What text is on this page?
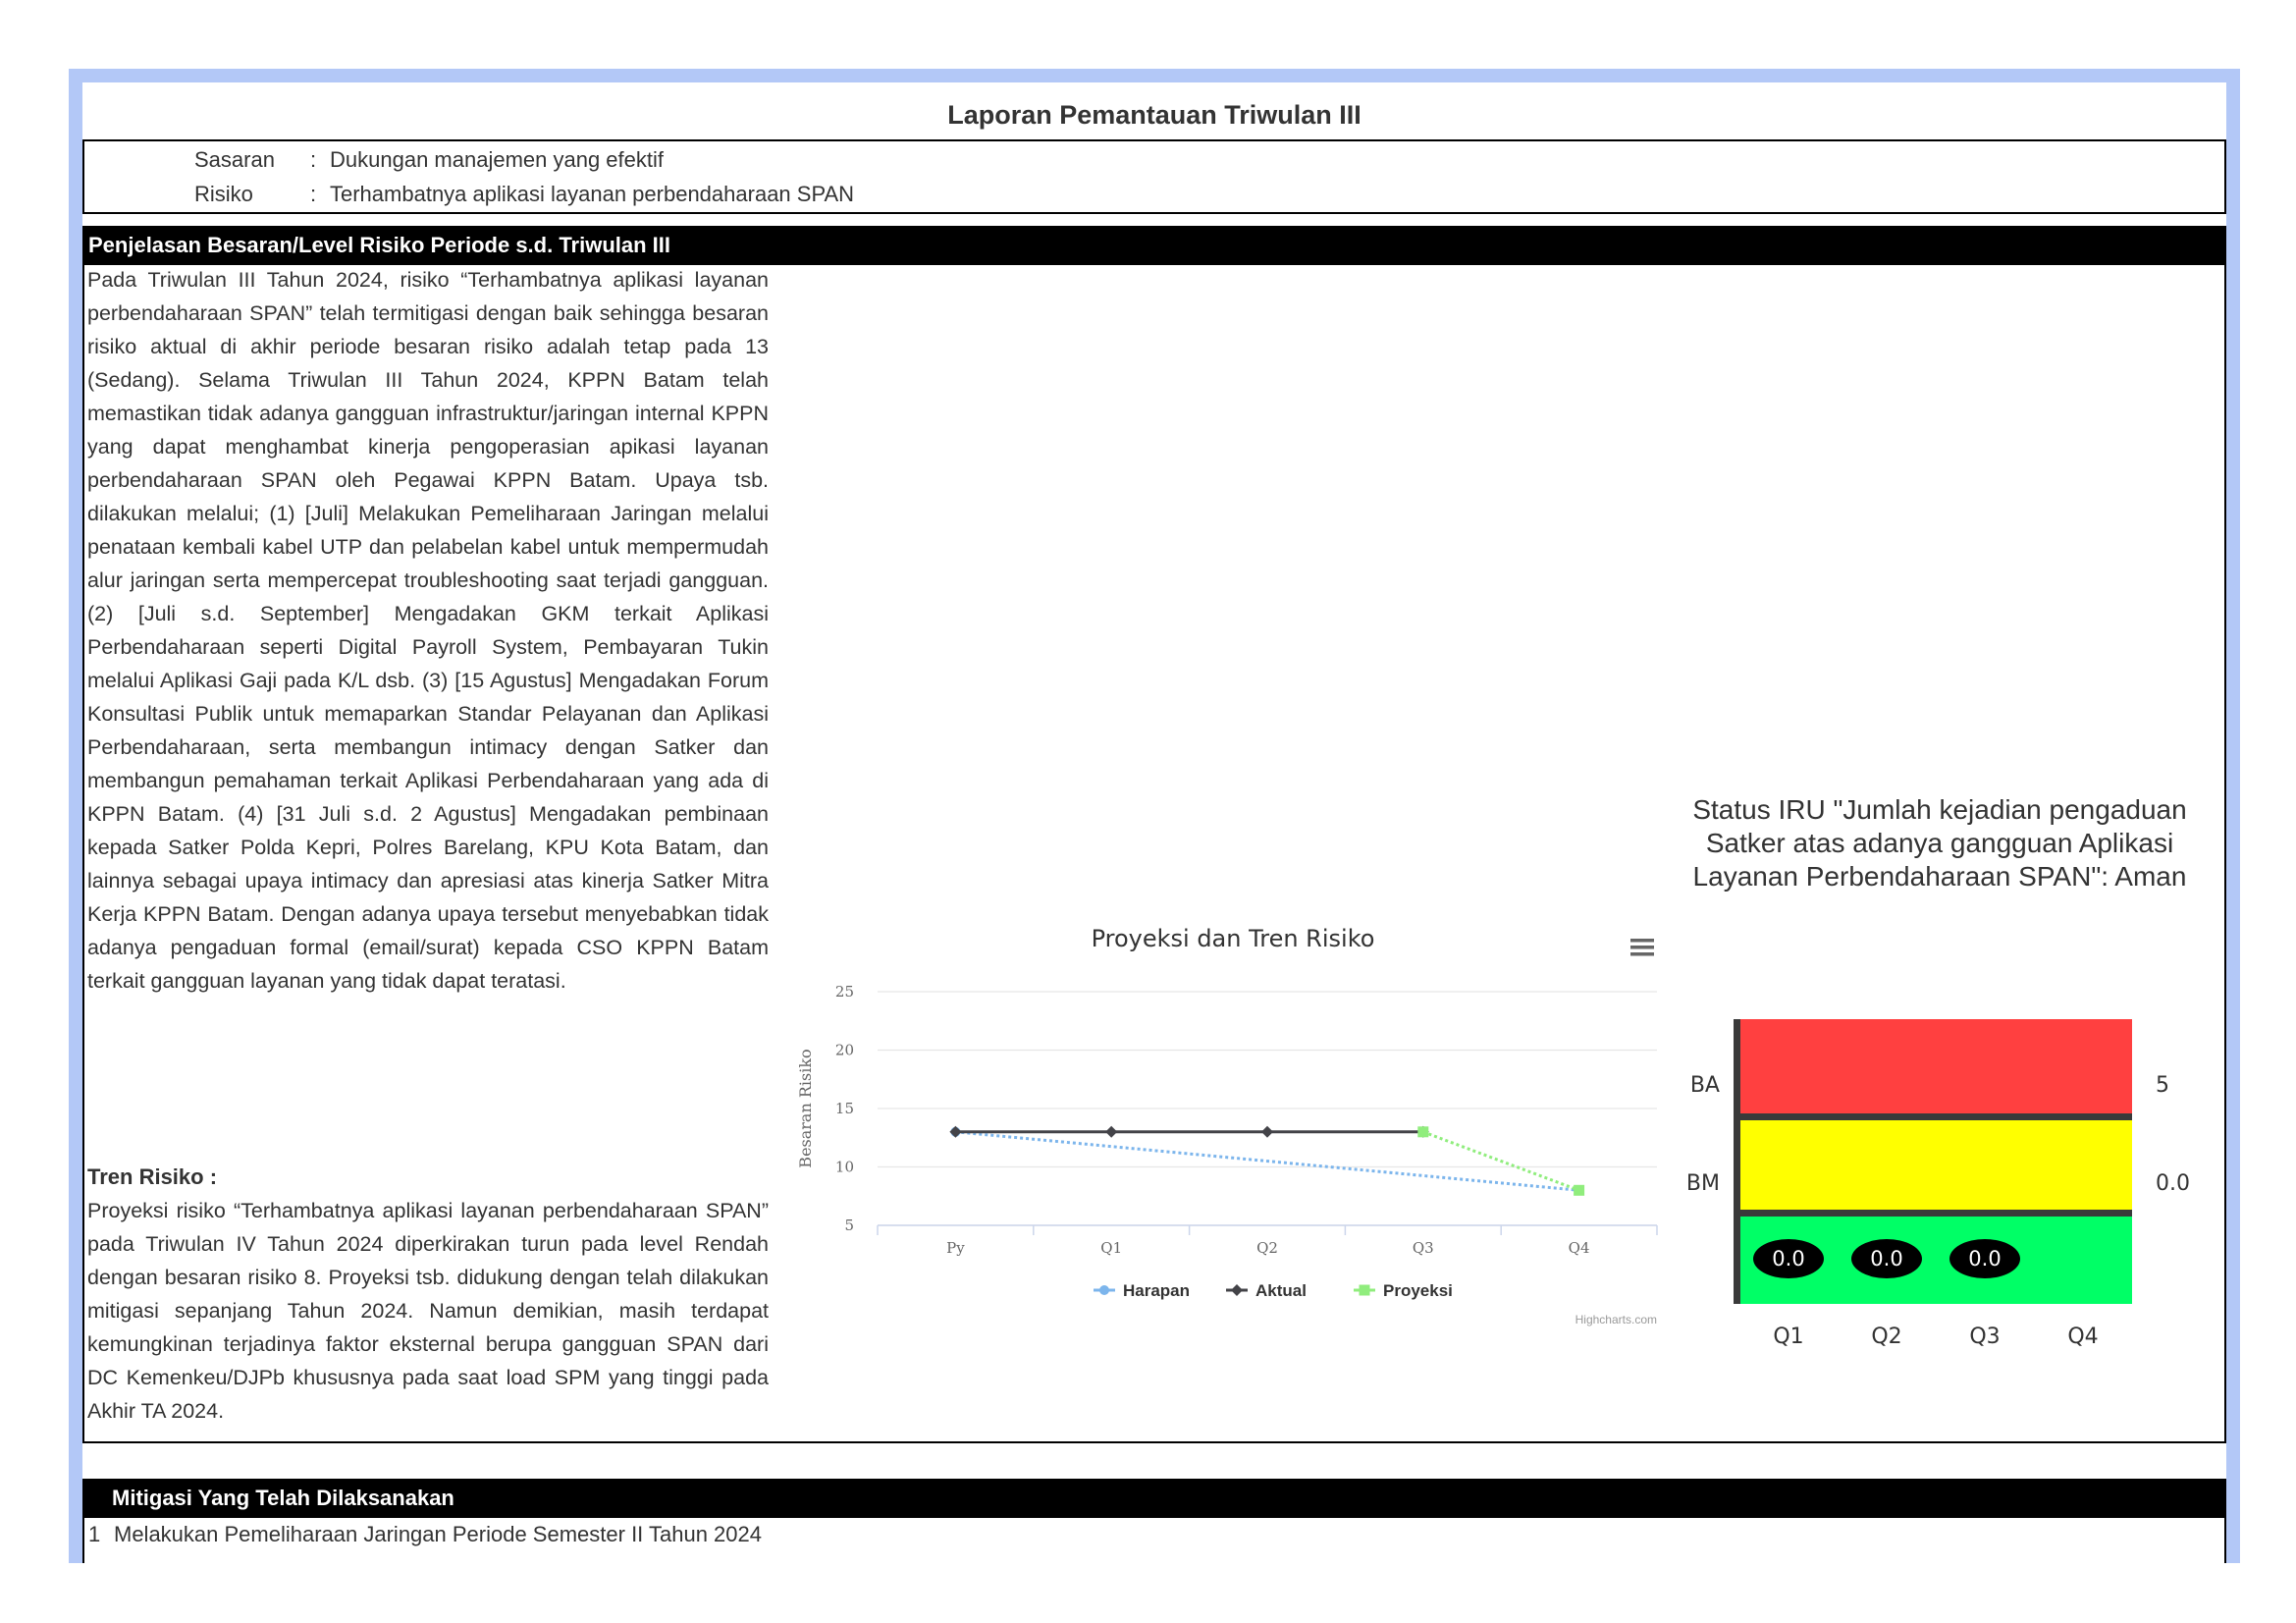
Laporan Pemantauan Triwulan III
Sasaran : Dukungan manajemen yang efektif
Risiko	: Terhambatnya aplikasi layanan perbendaharaan SPAN
Penjelasan Besaran/Level Risiko Periode s.d. Triwulan III
Pada Triwulan III Tahun 2024, risiko “Terhambatnya aplikasi layanan perbendaharaan SPAN” telah termitigasi dengan baik sehingga besaran risiko aktual di akhir periode besaran risiko adalah tetap pada 13 (Sedang). Selama Triwulan III Tahun 2024, KPPN Batam telah memastikan tidak adanya gangguan infrastruktur/jaringan internal KPPN yang dapat menghambat kinerja pengoperasian apikasi layanan perbendaharaan SPAN oleh Pegawai KPPN Batam. Upaya tsb. dilakukan melalui; (1) [Juli] Melakukan Pemeliharaan Jaringan melalui penataan kembali kabel UTP dan pelabelan kabel untuk mempermudah alur jaringan serta mempercepat troubleshooting saat terjadi gangguan. (2) [Juli s.d. September] Mengadakan GKM terkait Aplikasi Perbendaharaan seperti Digital Payroll System, Pembayaran Tukin melalui Aplikasi Gaji pada K/L dsb. (3) [15 Agustus] Mengadakan Forum Konsultasi Publik untuk memaparkan Standar Pelayanan dan Aplikasi Perbendaharaan, serta membangun intimacy dengan Satker dan membangun pemahaman terkait Aplikasi Perbendaharaan yang ada di KPPN Batam. (4) [31 Juli s.d. 2 Agustus] Mengadakan pembinaan kepada Satker Polda Kepri, Polres Barelang, KPU Kota Batam, dan lainnya sebagai upaya intimacy dan apresiasi atas kinerja Satker Mitra Kerja KPPN Batam. Dengan adanya upaya tersebut menyebabkan tidak adanya pengaduan formal (email/surat) kepada CSO KPPN Batam terkait gangguan layanan yang tidak dapat teratasi.
Tren Risiko :
Proyeksi risiko “Terhambatnya aplikasi layanan perbendaharaan SPAN” pada Triwulan IV Tahun 2024 diperkirakan turun pada level Rendah dengan besaran risiko 8. Proyeksi tsb. didukung dengan telah dilakukan mitigasi sepanjang Tahun 2024. Namun demikian, masih terdapat kemungkinan terjadinya faktor eksternal berupa gangguan SPAN dari DC Kemenkeu/DJPb khususnya pada saat load SPM yang tinggi pada Akhir TA 2024.
Proyeksi dan Tren Risiko
5
10
15
20
25
Py	Q1	Q2	Q3	Q4
Besaran Risiko
Harapan	Aktual	Proyeksi
Highcharts.com
Status IRU "Jumlah kejadian pengaduan Satker atas adanya gangguan Aplikasi Layanan Perbendaharaan SPAN": Aman
BA	5
BM	0.0
Q1
0.0
Q2
0.0
Q3
0.0
Q4
Mitigasi Yang Telah Dilaksanakan
1 Melakukan Pemeliharaan Jaringan Periode Semester II Tahun 2024
